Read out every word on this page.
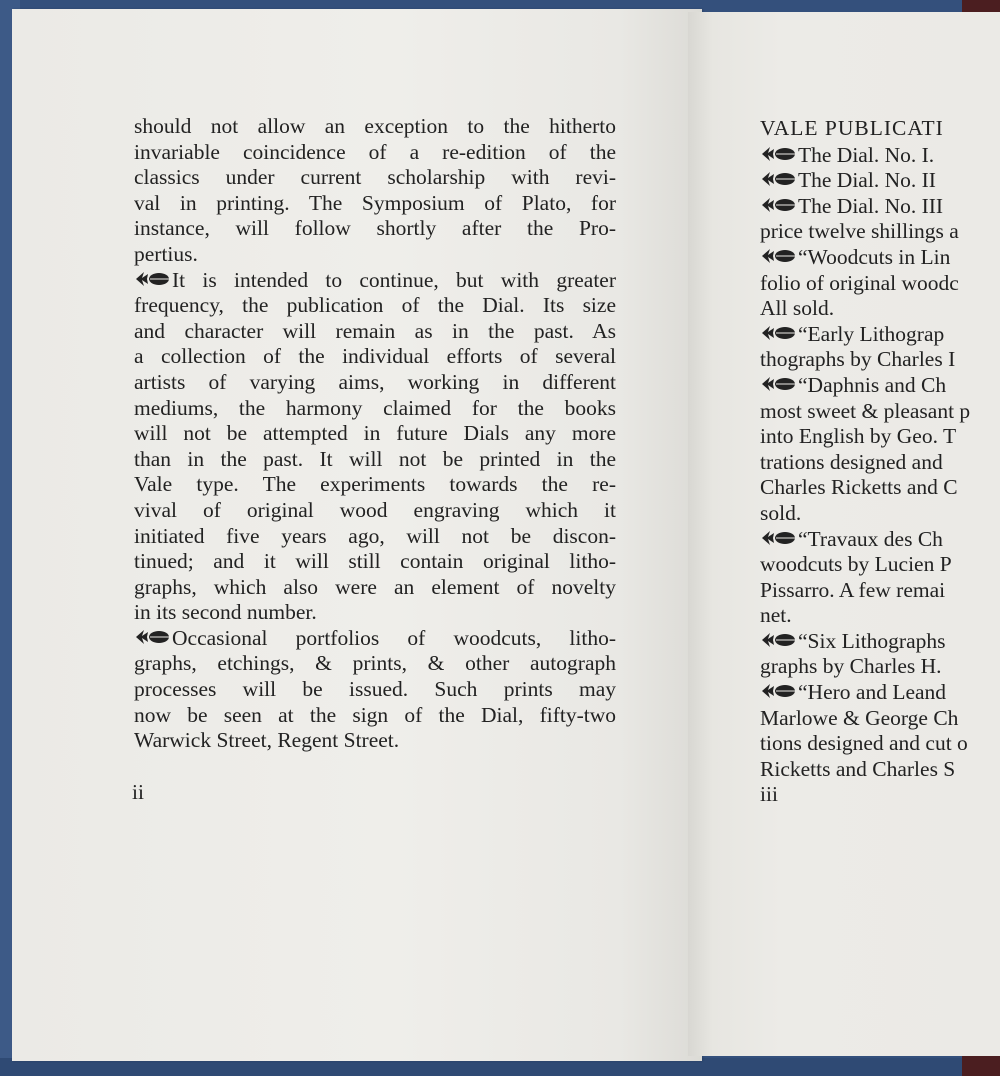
should not allow an exception to the hitherto
invariable coincidence of a re-edition of the
classics under current scholarship with revi-
val in printing. The Symposium of Plato, for
instance, will follow shortly after the Pro-
pertius.
It is intended to continue, but with greater
frequency, the publication of the Dial. Its size
and character will remain as in the past. As
a collection of the individual efforts of several
artists of varying aims, working in different
mediums, the harmony claimed for the books
will not be attempted in future Dials any more
than in the past. It will not be printed in the
Vale type. The experiments towards the re-
vival of original wood engraving which it
initiated five years ago, will not be discon-
tinued; and it will still contain original litho-
graphs, which also were an element of novelty
in its second number.
Occasional portfolios of woodcuts, litho-
graphs, etchings, & prints, & other autograph
processes will be issued. Such prints may
now be seen at the sign of the Dial, fifty-two
Warwick Street, Regent Street.
ii
VALE PUBLICATI
The Dial. No. I.
The Dial. No. II
The Dial. No. III
price twelve shillings a
“Woodcuts in Lin
folio of original woodc
All sold.
“Early Lithograp
thographs by Charles I
“Daphnis and Ch
most sweet & pleasant p
into English by Geo. T
trations designed and
Charles Ricketts and C
sold.
“Travaux des Ch
woodcuts by Lucien P
Pissarro. A few remai
net.
“Six Lithographs
graphs by Charles H.
“Hero and Leand
Marlowe & George Ch
tions designed and cut o
Ricketts and Charles S
iii
